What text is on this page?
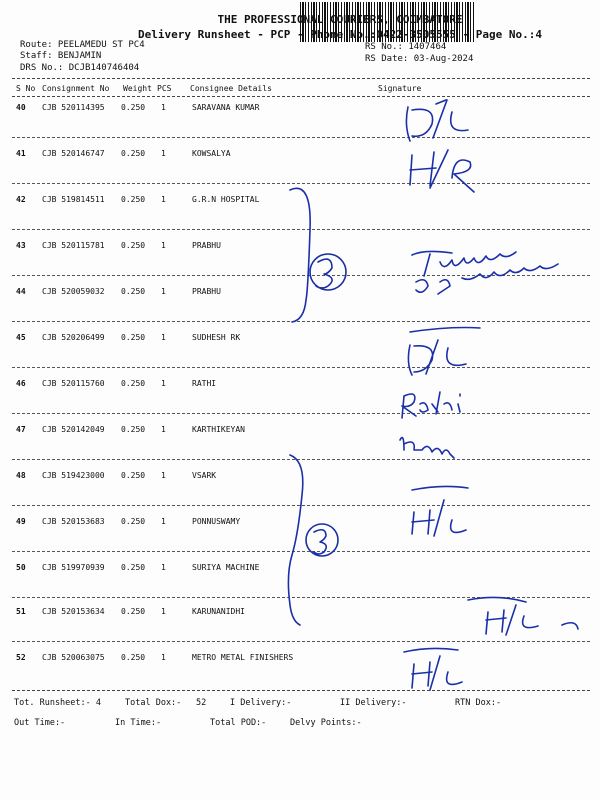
THE PROFESSIONAL COURIERS, COIMBATORE
Delivery Runsheet - PCP - Phone No.:0422-3505555 - Page No.:4
Route: PEELAMEDU ST PC4
Staff: BENJAMIN
DRS No.: DCJB140746404
RS No.: 1407464
RS Date: 03-Aug-2024
S No Consignment No Weight PCS Consignee Details	Signature
40 CJB 520114395 0.250 1	SARAVANA KUMAR
41 CJB 520146747 0.250 1	KOWSALYA
42 CJB 519814511 0.250 1	G.R.N HOSPITAL
43 CJB 520115781 0.250 1	PRABHU
44 CJB 520059032 0.250 1	PRABHU
45 CJB 520206499 0.250 1	SUDHESH RK
46 CJB 520115760 0.250 1	RATHI
47 CJB 520142049 0.250 1	KARTHIKEYAN
48 CJB 519423000 0.250 1	VSARK
49 CJB 520153683 0.250 1	PONNUSWAMY
50 CJB 519970939 0.250 1	SURIYA MACHINE
51 CJB 520153634 0.250 1	KARUNANIDHI
52 CJB 520063075 0.250 1	METRO METAL FINISHERS
Tot. Runsheet:- 4	Total Dox:- 52	I Delivery:-	II Delivery:-	RTN Dox:-
Out Time:-	In Time:-	Total POD:-	Delvy Points:-
